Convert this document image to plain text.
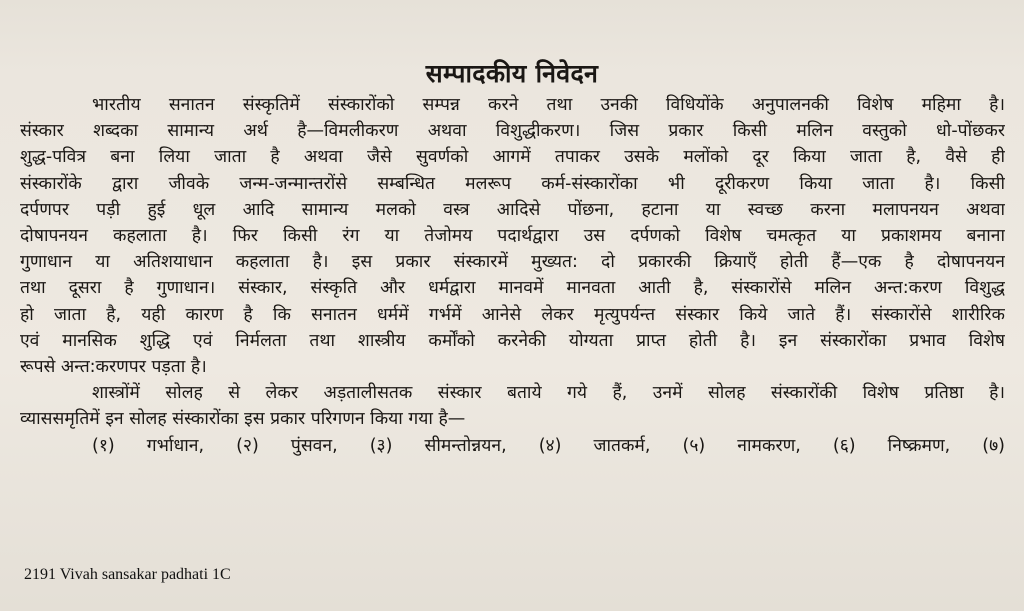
सम्पादकीय निवेदन
भारतीय सनातन संस्कृतिमें संस्कारोंको सम्पन्न करने तथा उनकी विधियोंके अनुपालनकी विशेष महिमा है।
संस्कार शब्दका सामान्य अर्थ है—विमलीकरण अथवा विशुद्धीकरण। जिस प्रकार किसी मलिन वस्तुको धो-पोंछकर
शुद्ध-पवित्र बना लिया जाता है अथवा जैसे सुवर्णको आगमें तपाकर उसके मलोंको दूर किया जाता है, वैसे ही
संस्कारोंके द्वारा जीवके जन्म-जन्मान्तरोंसे सम्बन्धित मलरूप कर्म-संस्कारोंका भी दूरीकरण किया जाता है। किसी
दर्पणपर पड़ी हुई धूल आदि सामान्य मलको वस्त्र आदिसे पोंछना, हटाना या स्वच्छ करना मलापनयन अथवा
दोषापनयन कहलाता है। फिर किसी रंग या तेजोमय पदार्थद्वारा उस दर्पणको विशेष चमत्कृत या प्रकाशमय बनाना
गुणाधान या अतिशयाधान कहलाता है। इस प्रकार संस्कारमें मुख्यत: दो प्रकारकी क्रियाएँ होती हैं—एक है दोषापनयन
तथा दूसरा है गुणाधान। संस्कार, संस्कृति और धर्मद्वारा मानवमें मानवता आती है, संस्कारोंसे मलिन अन्त:करण विशुद्ध
हो जाता है, यही कारण है कि सनातन धर्ममें गर्भमें आनेसे लेकर मृत्युपर्यन्त संस्कार किये जाते हैं। संस्कारोंसे शारीरिक
एवं मानसिक शुद्धि एवं निर्मलता तथा शास्त्रीय कर्मोंको करनेकी योग्यता प्राप्त होती है। इन संस्कारोंका प्रभाव विशेष
रूपसे अन्त:करणपर पड़ता है।
शास्त्रोंमें सोलह से लेकर अड़तालीसतक संस्कार बताये गये हैं, उनमें सोलह संस्कारोंकी विशेष प्रतिष्ठा है।
व्याससमृतिमें इन सोलह संस्कारोंका इस प्रकार परिगणन किया गया है—
(१) गर्भाधान, (२) पुंसवन, (३) सीमन्तोन्नयन, (४) जातकर्म, (५) नामकरण, (६) निष्क्रमण, (७)
2191 Vivah sansakar padhati 1C
